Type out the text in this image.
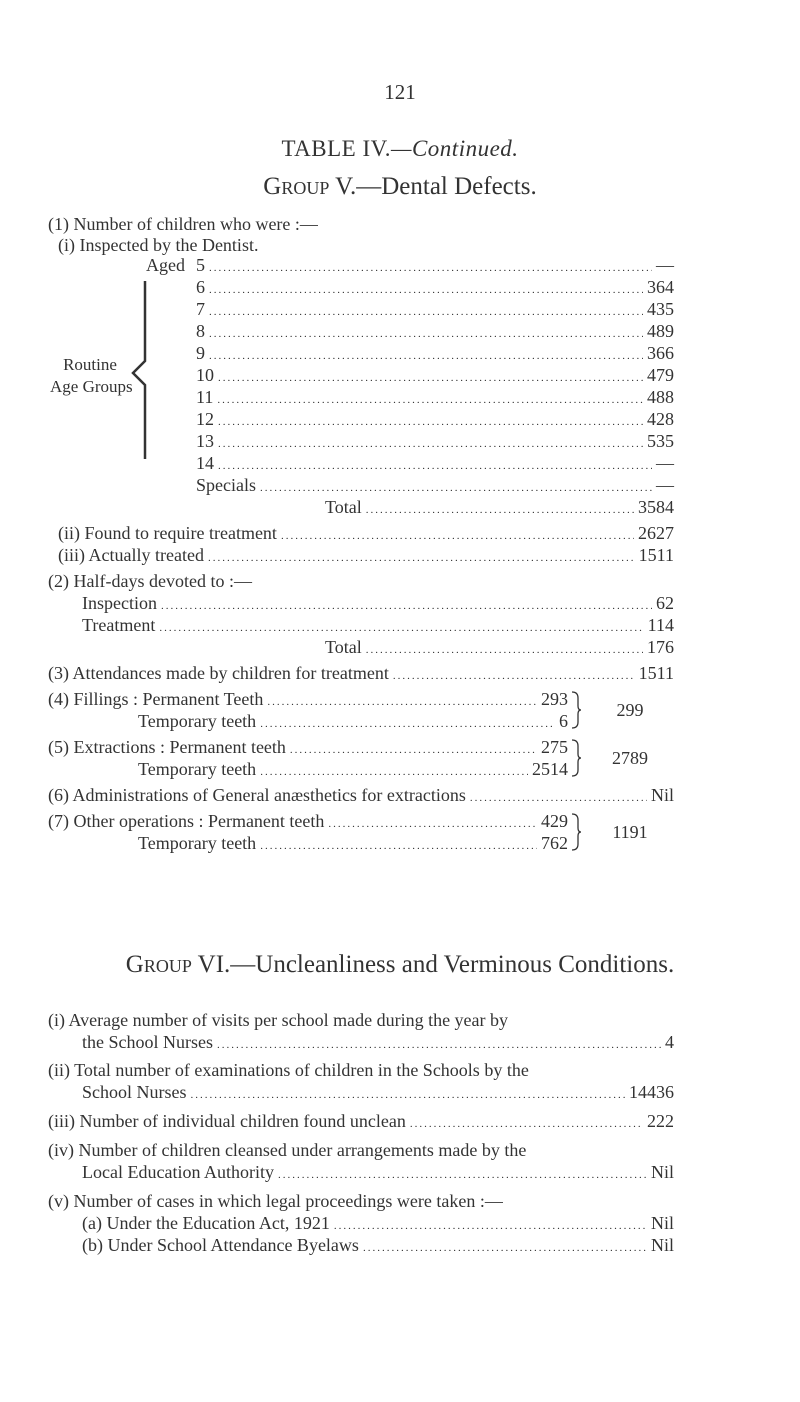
121
TABLE IV.—Continued.
Group V.—Dental Defects.
(1) Number of children who were :—
(i) Inspected by the Dentist.
Routine
Age Groups
Aged 5 .....	—
6 .....	364
7 .....	435
8 .....	489
9 .....	366
10 .....	479
11 .....	488
12 .....	428
13 .....	535
14 .....	—
Specials .....	—
Total .....	3584
(ii) Found to require treatment .....	2627
(iii) Actually treated .....	1511
(2) Half-days devoted to :—
Inspection .....	62
Treatment .....	114
Total .....	176
(3) Attendances made by children for treatment .....	1511
(4) Fillings : Permanent Teeth .....	293
Temporary teeth .....	6
299
(5) Extractions : Permanent teeth .....	275
Temporary teeth .....	2514
2789
(6) Administrations of General anæsthetics for extractions .....	Nil
(7) Other operations : Permanent teeth .....	429
Temporary teeth .....	762
1191
Group VI.—Uncleanliness and Verminous Conditions.
(i) Average number of visits per school made during the year by
the School Nurses .....	4
(ii) Total number of examinations of children in the Schools by the
School Nurses .....	14436
(iii) Number of individual children found unclean .....	222
(iv) Number of children cleansed under arrangements made by the
Local Education Authority .....	Nil
(v) Number of cases in which legal proceedings were taken :—
(a) Under the Education Act, 1921 .....	Nil
(b) Under School Attendance Byelaws .....	Nil
